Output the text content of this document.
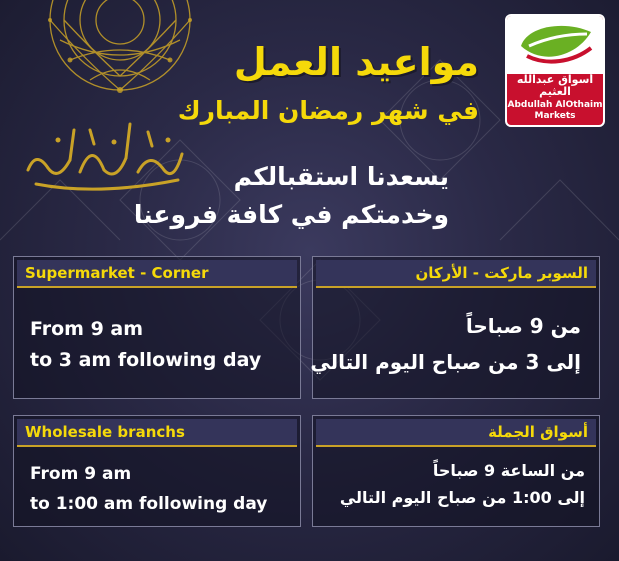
أسواق عبدالله العثيم
Abdullah AlOthaim
Markets
مواعيد العمل
في شهر رمضان المبارك
يسعدنا استقبالكم
وخدمتكم في كافة فروعنا
Supermarket - Corner
From 9 am
to 3 am following day
السوبر ماركت - الأركان
من 9 صباحاً
إلى 3 من صباح اليوم التالي
Wholesale branchs
From 9 am
to 1:00 am following day
أسواق الجملة
من الساعة 9 صباحاً
إلى 1:00 من صباح اليوم التالي
